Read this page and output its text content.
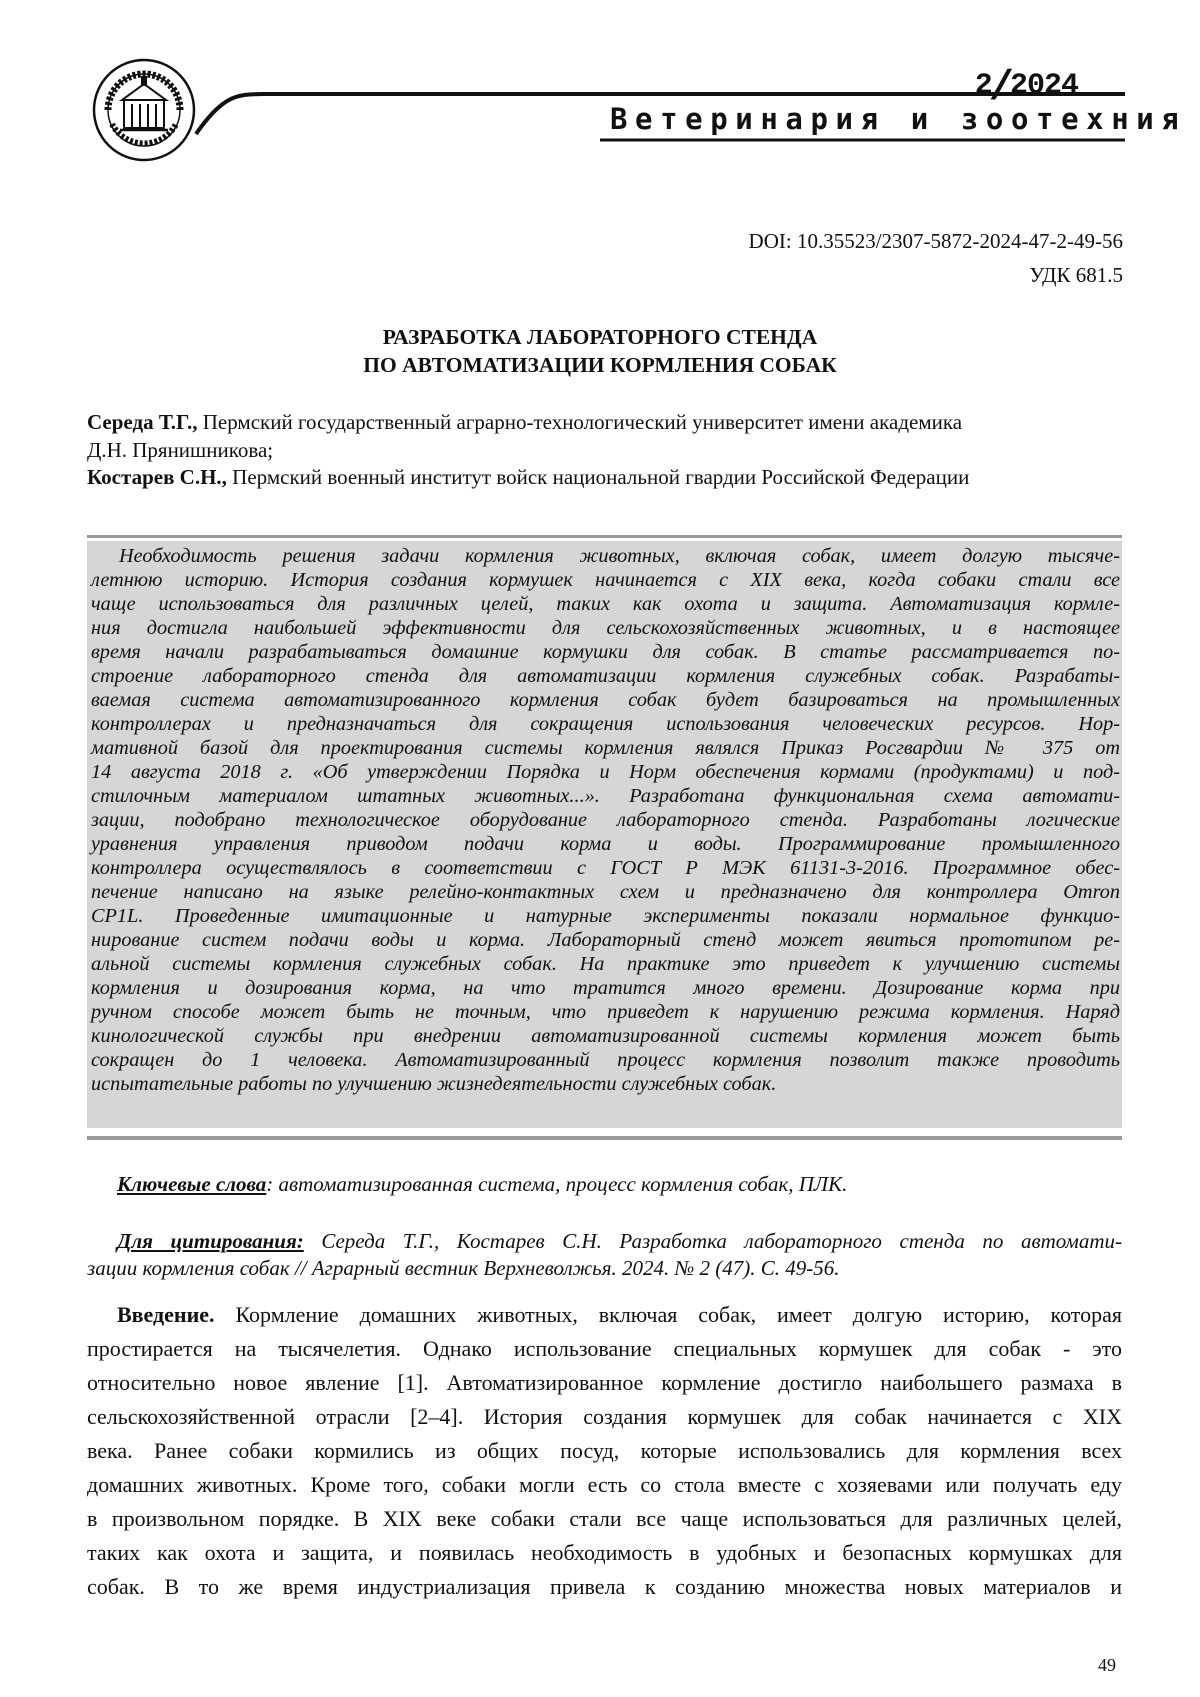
2/2024
Ветеринария и зоотехния
DOI: 10.35523/2307-5872-2024-47-2-49-56
УДК 681.5
РАЗРАБОТКА ЛАБОРАТОРНОГО СТЕНДА
ПО АВТОМАТИЗАЦИИ КОРМЛЕНИЯ СОБАК
Середа Т.Г., Пермский государственный аграрно-технологический университет имени академика
Д.Н. Прянишникова;
Костарев С.Н., Пермский военный институт войск национальной гвардии Российской Федерации
Необходимость решения задачи кормления животных, включая собак, имеет долгую тысяче-
летнюю историю. История создания кормушек начинается с XIX века, когда собаки стали все
чаще использоваться для различных целей, таких как охота и защита. Автоматизация кормле-
ния достигла наибольшей эффективности для сельскохозяйственных животных, и в настоящее
время начали разрабатываться домашние кормушки для собак. В статье рассматривается по-
строение лабораторного стенда для автоматизации кормления служебных собак. Разрабаты-
ваемая система автоматизированного кормления собак будет базироваться на промышленных
контроллерах и предназначаться для сокращения использования человеческих ресурсов. Нор-
мативной базой для проектирования системы кормления являлся Приказ Росгвардии № 375 от
14 августа 2018 г. «Об утверждении Порядка и Норм обеспечения кормами (продуктами) и под-
стилочным материалом штатных животных...». Разработана функциональная схема автомати-
зации, подобрано технологическое оборудование лабораторного стенда. Разработаны логические
уравнения управления приводом подачи корма и воды. Программирование промышленного
контроллера осуществлялось в соответствии с ГОСТ Р МЭК 61131-3-2016. Программное обес-
печение написано на языке релейно-контактных схем и предназначено для контроллера Omron
CP1L. Проведенные имитационные и натурные эксперименты показали нормальное функцио-
нирование систем подачи воды и корма. Лабораторный стенд может явиться прототипом ре-
альной системы кормления служебных собак. На практике это приведет к улучшению системы
кормления и дозирования корма, на что тратится много времени. Дозирование корма при
ручном способе может быть не точным, что приведет к нарушению режима кормления. Наряд
кинологической службы при внедрении автоматизированной системы кормления может быть
сокращен до 1 человека. Автоматизированный процесс кормления позволит также проводить
испытательные работы по улучшению жизнедеятельности служебных собак.
Ключевые слова: автоматизированная система, процесс кормления собак, ПЛК.
Для цитирования: Середа Т.Г., Костарев С.Н. Разработка лабораторного стенда по автомати-
зации кормления собак // Аграрный вестник Верхневолжья. 2024. № 2 (47). С. 49-56.
Введение. Кормление домашних животных, включая собак, имеет долгую историю, которая
простирается на тысячелетия. Однако использование специальных кормушек для собак - это
относительно новое явление [1]. Автоматизированное кормление достигло наибольшего размаха в
сельскохозяйственной отрасли [2–4]. История создания кормушек для собак начинается с XIX
века. Ранее собаки кормились из общих посуд, которые использовались для кормления всех
домашних животных. Кроме того, собаки могли есть со стола вместе с хозяевами или получать еду
в произвольном порядке. В XIX веке собаки стали все чаще использоваться для различных целей,
таких как охота и защита, и появилась необходимость в удобных и безопасных кормушках для
собак. В то же время индустриализация привела к созданию множества новых материалов и
49
